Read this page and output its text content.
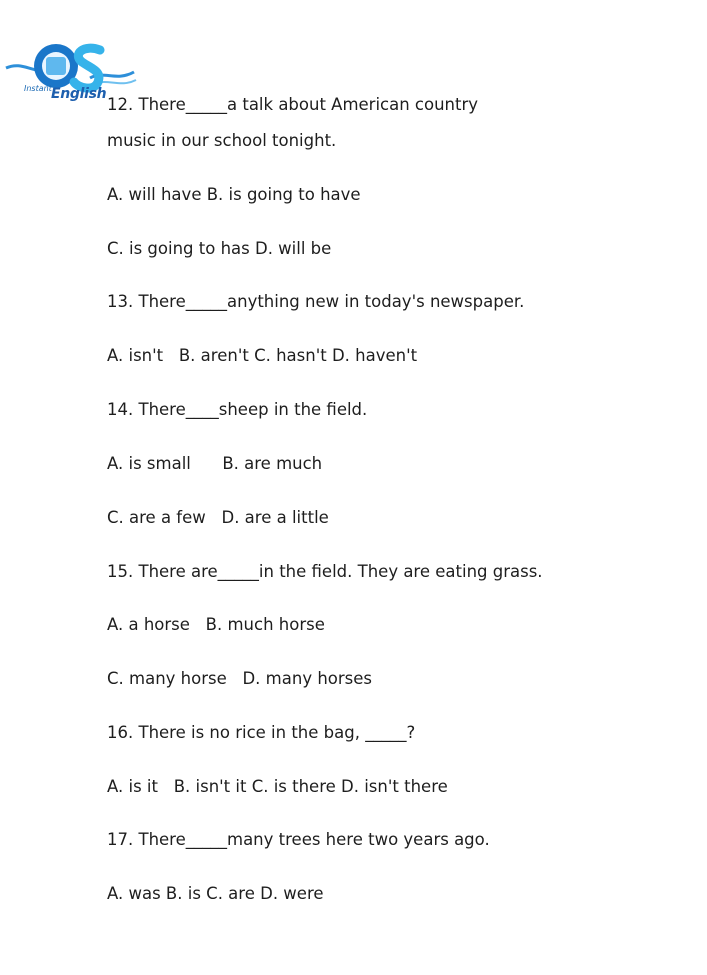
Instant English
12. There_____a talk about American country
music in our school tonight.
A. will have B. is going to have
C. is going to has D. will be
13. There_____anything new in today's newspaper.
A. isn't   B. aren't C. hasn't D. haven't
14. There____sheep in the field.
A. is small      B. are much
C. are a few   D. are a little
15. There are_____in the field. They are eating grass.
A. a horse   B. much horse
C. many horse   D. many horses
16. There is no rice in the bag, _____?
A. is it   B. isn't it C. is there D. isn't there
17. There_____many trees here two years ago.
A. was B. is C. are D. were
